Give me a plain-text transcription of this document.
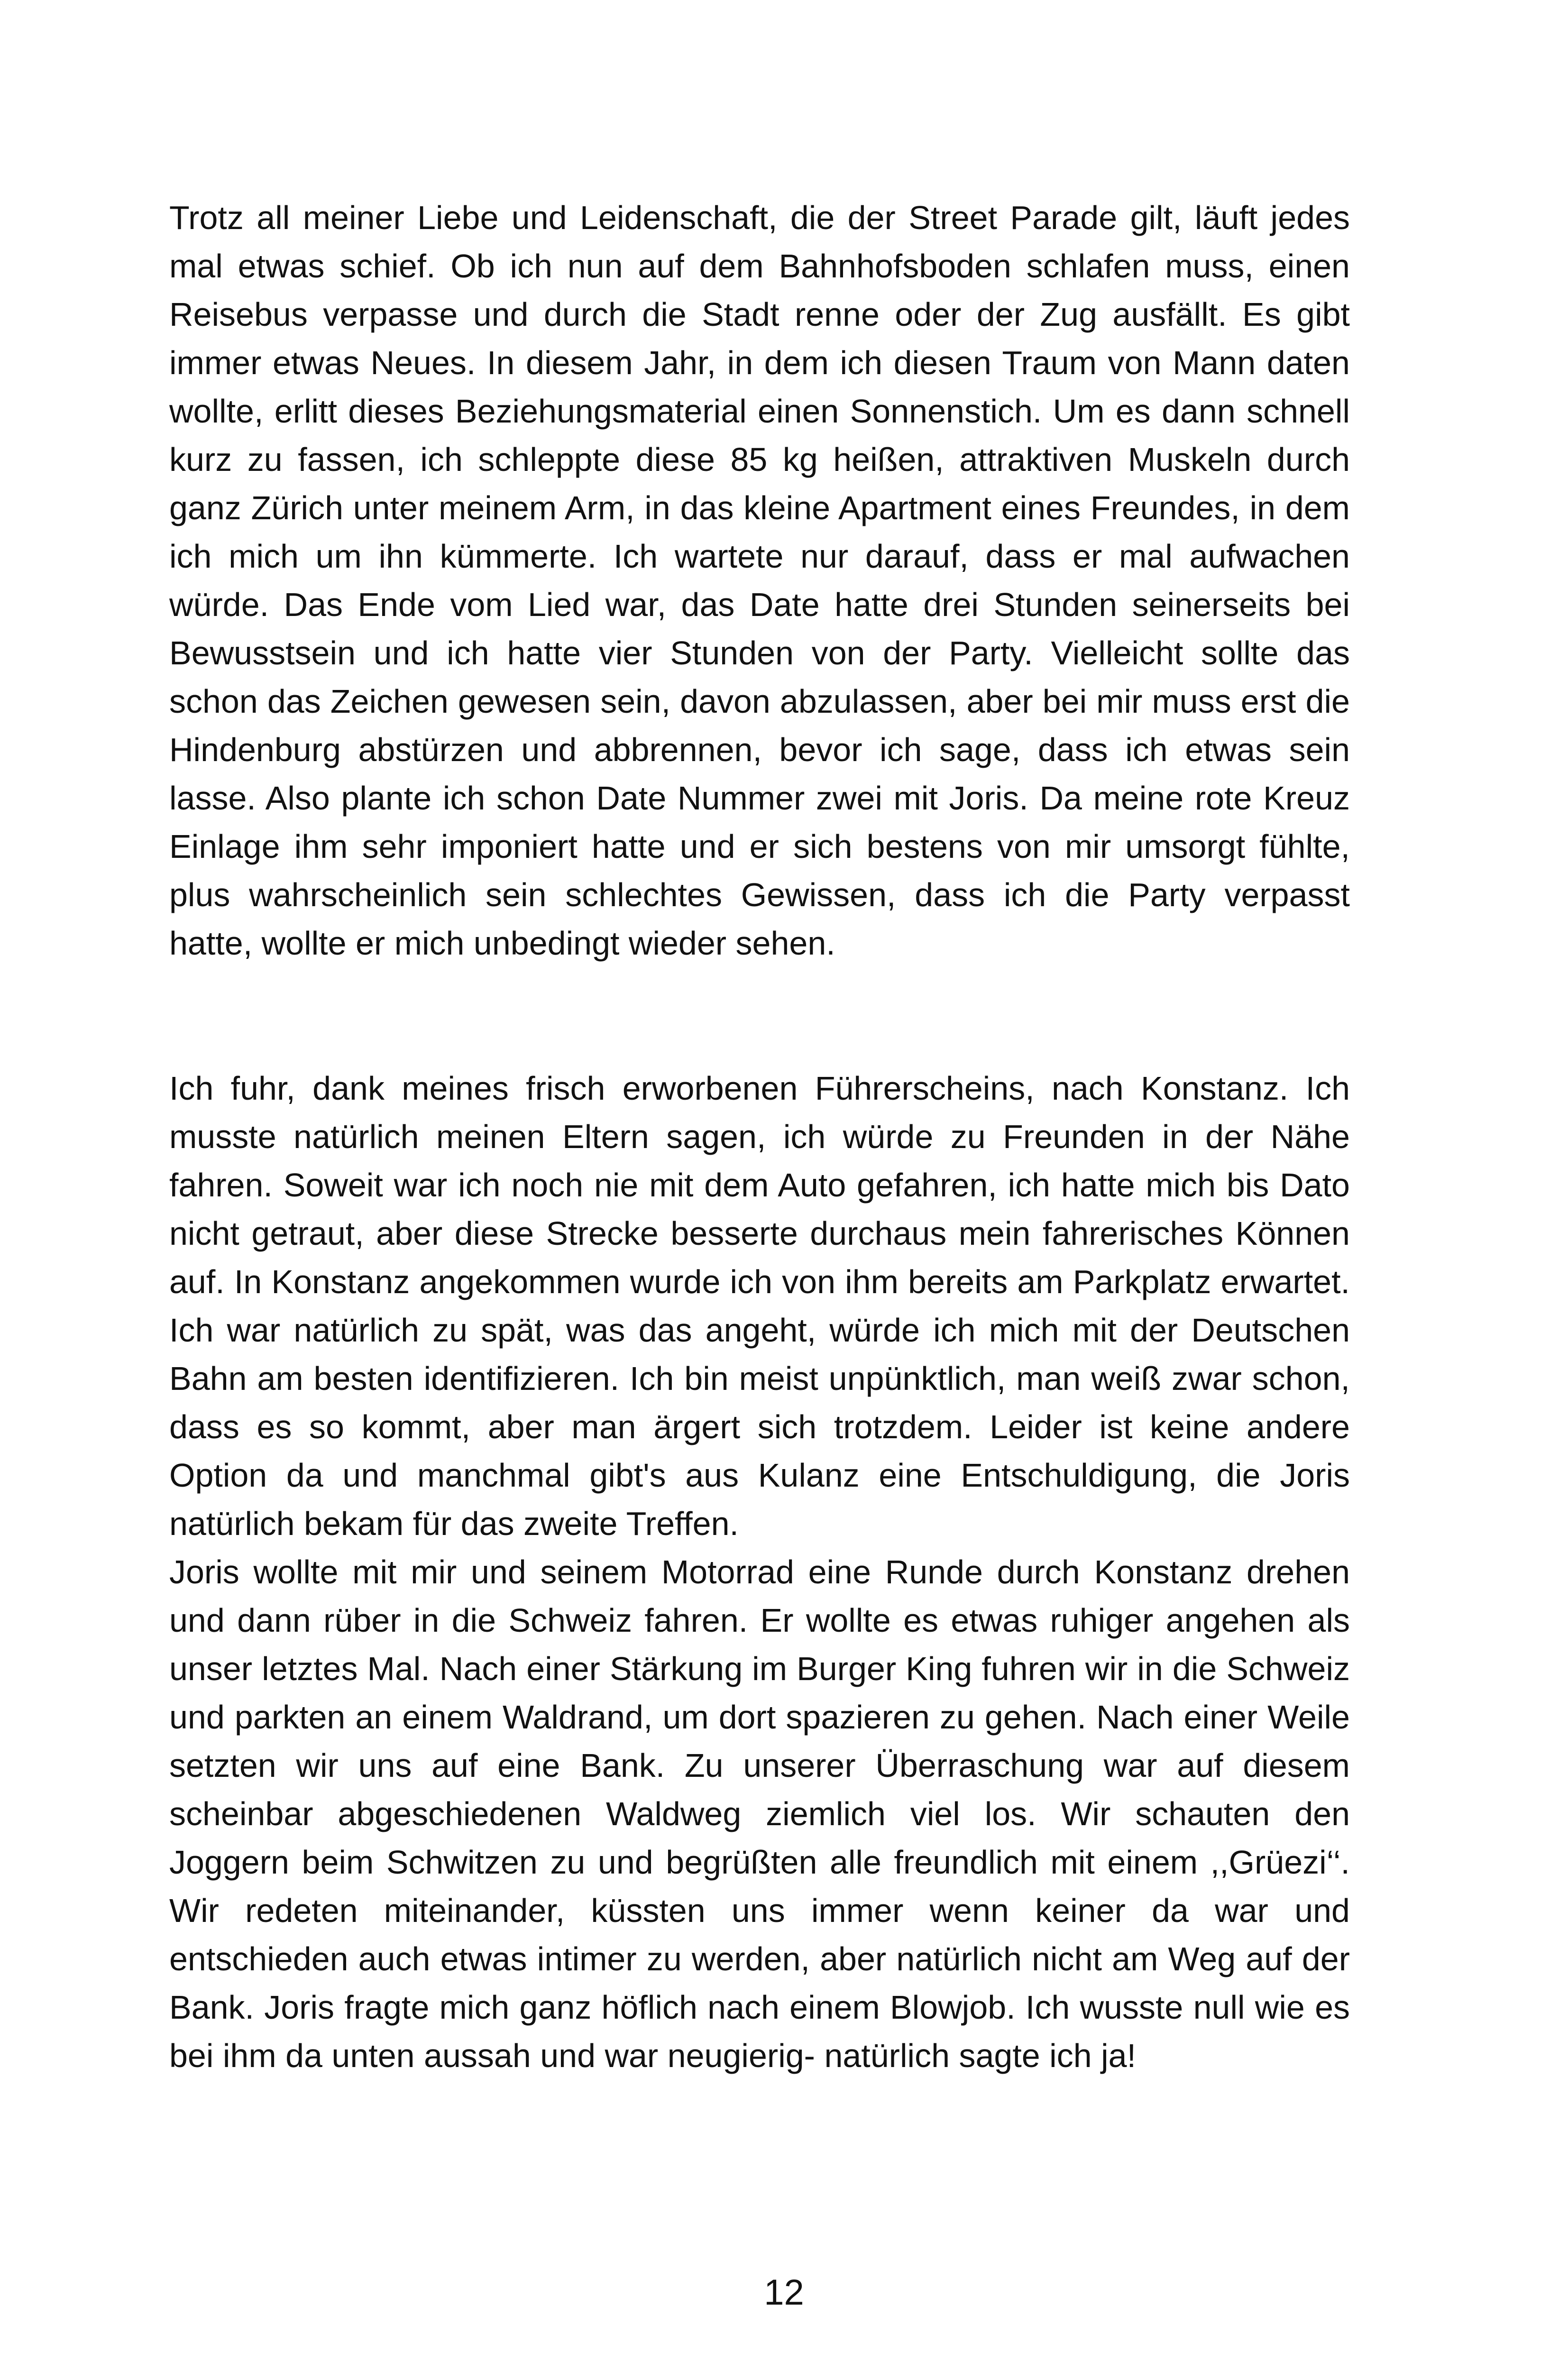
Trotz all meiner Liebe und Leidenschaft, die der Street Parade gilt, läuft jedes mal etwas schief. Ob ich nun auf dem Bahnhofsboden schlafen muss, einen Reisebus verpasse und durch die Stadt renne oder der Zug ausfällt. Es gibt immer etwas Neues. In diesem Jahr, in dem ich diesen Traum von Mann daten wollte, erlitt dieses Beziehungsmaterial einen Sonnenstich. Um es dann schnell kurz zu fassen, ich schleppte diese 85 kg heißen, attraktiven Muskeln durch ganz Zürich unter meinem Arm, in das kleine Apartment eines Freundes, in dem ich mich um ihn kümmerte. Ich wartete nur darauf, dass er mal aufwachen würde. Das Ende vom Lied war, das Date hatte drei Stunden seinerseits bei Bewusstsein und ich hatte vier Stunden von der Party. Vielleicht sollte das schon das Zeichen gewesen sein, davon abzulassen, aber bei mir muss erst die Hindenburg abstürzen und abbrennen, bevor ich sage, dass ich etwas sein lasse. Also plante ich schon Date Nummer zwei mit Joris. Da meine rote Kreuz Einlage ihm sehr imponiert hatte und er sich bestens von mir umsorgt fühlte, plus wahrscheinlich sein schlechtes Gewissen, dass ich die Party verpasst hatte, wollte er mich unbedingt wieder sehen.

Ich fuhr, dank meines frisch erworbenen Führerscheins, nach Konstanz. Ich musste natürlich meinen Eltern sagen, ich würde zu Freunden in der Nähe fahren. Soweit war ich noch nie mit dem Auto gefahren, ich hatte mich bis Dato nicht getraut, aber diese Strecke besserte durchaus mein fahrerisches Können auf. In Konstanz angekommen wurde ich von ihm bereits am Parkplatz erwartet. Ich war natürlich zu spät, was das angeht, würde ich mich mit der Deutschen Bahn am besten identifizieren. Ich bin meist unpünktlich, man weiß zwar schon, dass es so kommt, aber man ärgert sich trotzdem. Leider ist keine andere Option da und manchmal gibt's aus Kulanz eine Entschuldigung, die Joris natürlich bekam für das zweite Treffen.

Joris wollte mit mir und seinem Motorrad eine Runde durch Konstanz drehen und dann rüber in die Schweiz fahren. Er wollte es etwas ruhiger angehen als unser letztes Mal. Nach einer Stärkung im Burger King fuhren wir in die Schweiz und parkten an einem Waldrand, um dort spazieren zu gehen. Nach einer Weile setzten wir uns auf eine Bank. Zu unserer Überraschung war auf diesem scheinbar abgeschiedenen Waldweg ziemlich viel los. Wir schauten den Joggern beim Schwitzen zu und begrüßten alle freundlich mit einem ,,Grüezi‘‘. Wir redeten miteinander, küssten uns immer wenn keiner da war und entschieden auch etwas intimer zu werden, aber natürlich nicht am Weg auf der Bank. Joris fragte mich ganz höflich nach einem Blowjob. Ich wusste null wie es bei ihm da unten aussah und war neugierig- natürlich sagte ich ja!

12
